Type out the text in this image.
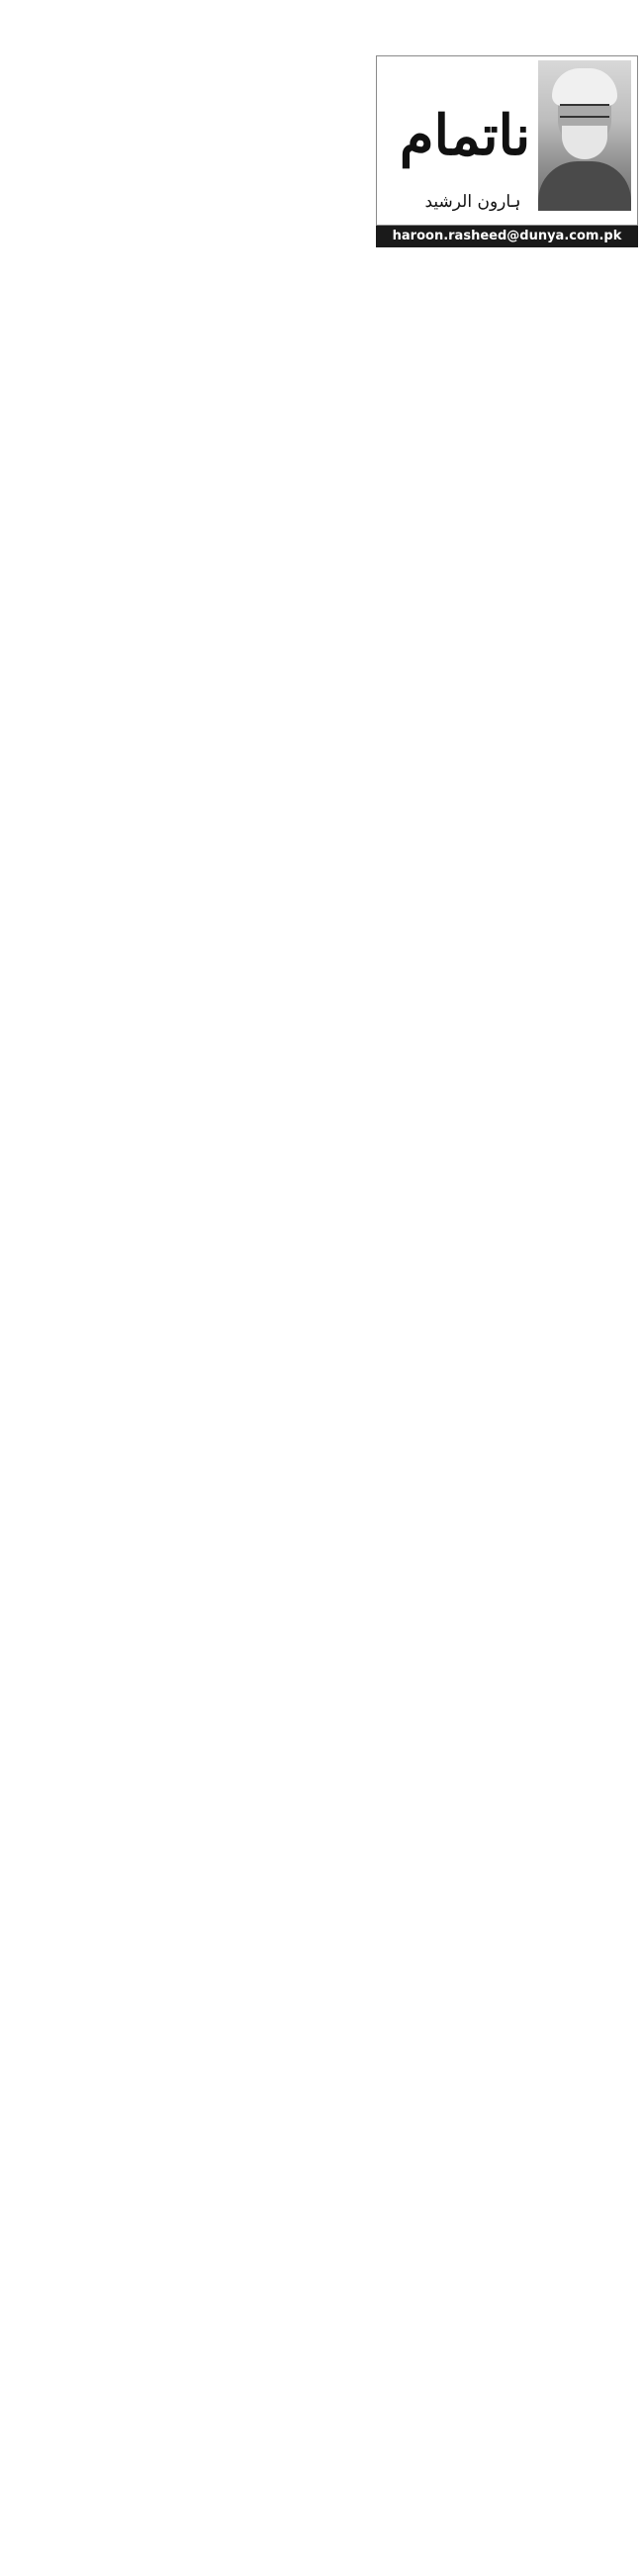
ناتمام
ہارون الرشید
haroon.rasheed@dunya.com.pk
